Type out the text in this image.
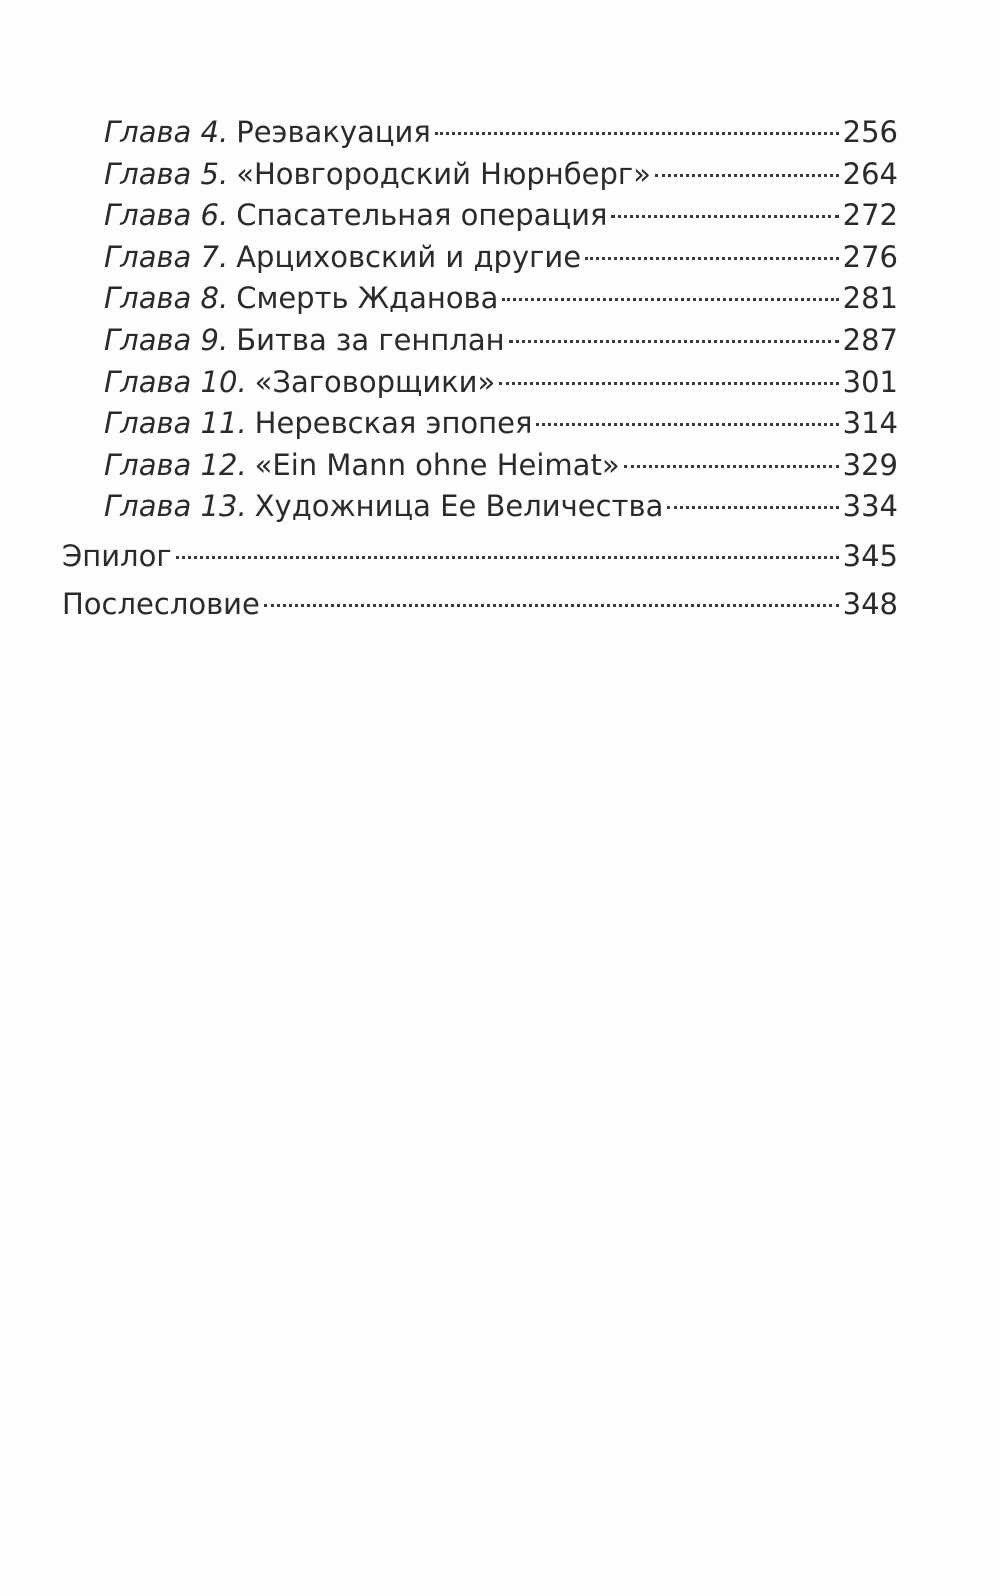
Глава 4. Реэвакуация	256
Глава 5. «Новгородский Нюрнберг»	264
Глава 6. Спасательная операция	272
Глава 7. Арциховский и другие	276
Глава 8. Смерть Жданова	281
Глава 9. Битва за генплан	287
Глава 10. «Заговорщики»	301
Глава 11. Неревская эпопея	314
Глава 12. «Ein Mann ohne Heimat»	329
Глава 13. Художница Ее Величества	334
Эпилог	345
Послесловие	348
